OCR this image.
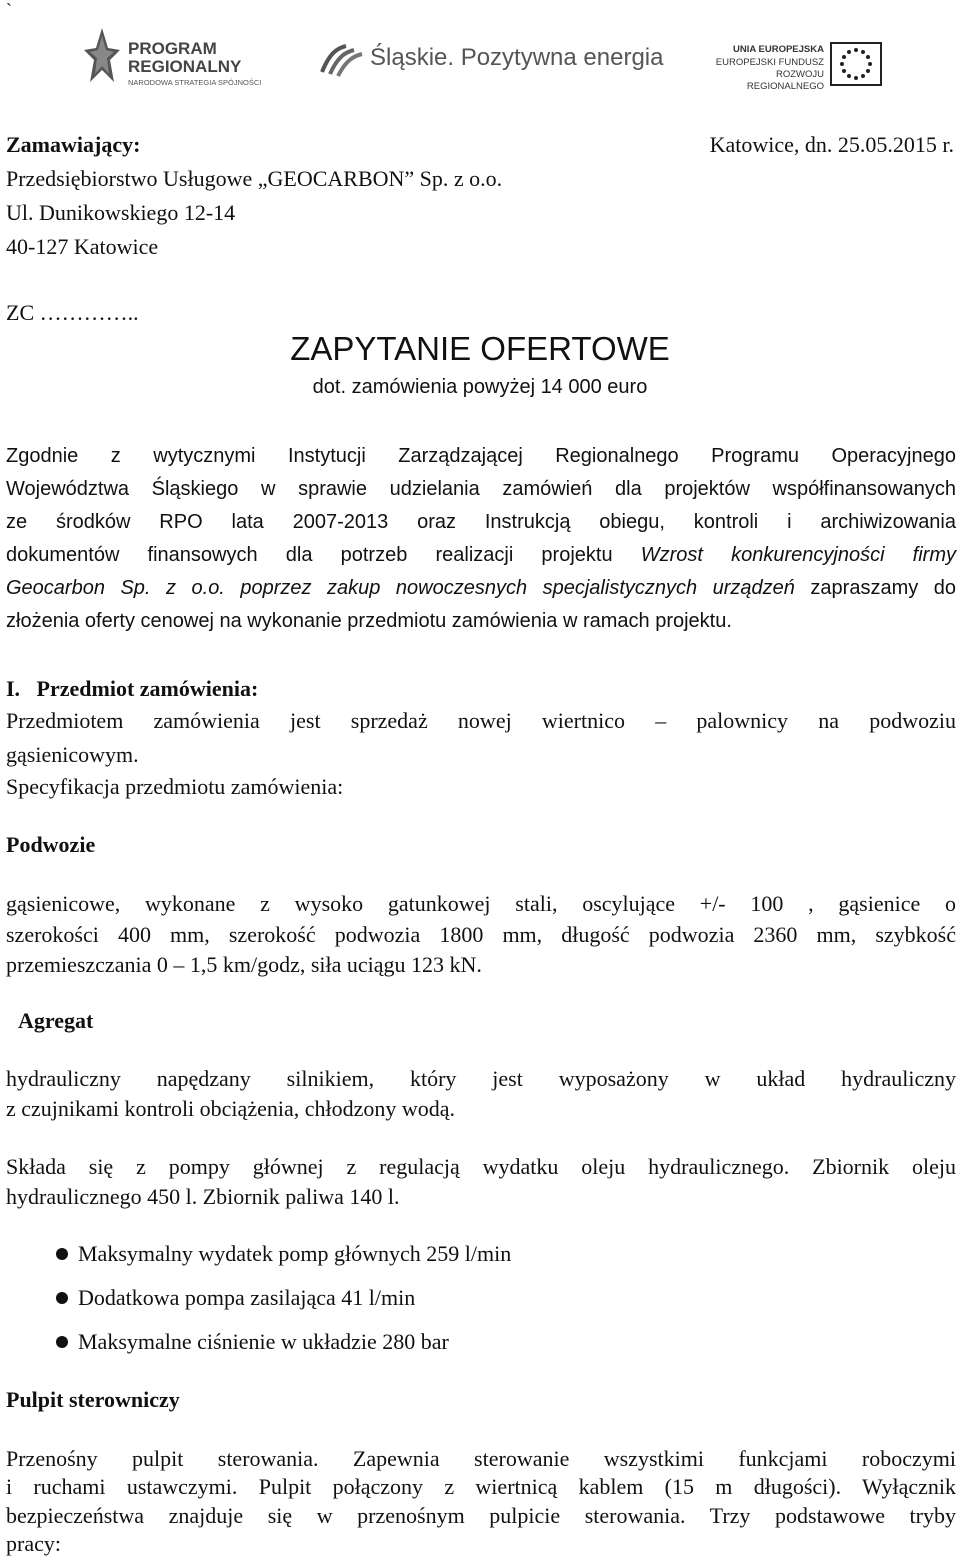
`
PROGRAM
REGIONALNY
NARODOWA STRATEGIA SPÓJNOŚCI
Śląskie. Pozytywna energia	UNIA EUROPEJSKA
EUROPEJSKI FUNDUSZ
ROZWOJU REGIONALNEGO
Zamawiający:	Katowice, dn. 25.05.2015 r.
Przedsiębiorstwo Usługowe „GEOCARBON” Sp. z o.o.
Ul. Dunikowskiego 12-14
40-127 Katowice
ZC …………..
ZAPYTANIE OFERTOWE
dot. zamówienia powyżej 14 000 euro
Zgodnie z wytycznymi Instytucji Zarządzającej Regionalnego Programu Operacyjnego
Województwa Śląskiego w sprawie udzielania zamówień dla projektów współfinansowanych
ze środków RPO lata 2007-2013 oraz Instrukcją obiegu, kontroli i archiwizowania
dokumentów finansowych dla potrzeb realizacji projektu Wzrost konkurencyjności firmy
Geocarbon Sp. z o.o. poprzez zakup nowoczesnych specjalistycznych urządzeń zapraszamy do
złożenia oferty cenowej na wykonanie przedmiotu zamówienia w ramach projektu.
I.   Przedmiot zamówienia:
Przedmiotem zamówienia jest sprzedaż nowej wiertnico – palownicy na podwoziu
gąsienicowym.
Specyfikacja przedmiotu zamówienia:
Podwozie
gąsienicowe, wykonane z wysoko gatunkowej stali, oscylujące +/- 100 , gąsienice o
szerokości 400 mm, szerokość podwozia 1800 mm, długość podwozia 2360 mm, szybkość
przemieszczania 0 – 1,5 km/godz, siła uciągu 123 kN.
Agregat
hydrauliczny napędzany silnikiem, który jest wyposażony w układ hydrauliczny
z czujnikami kontroli obciążenia, chłodzony wodą.
Składa się z pompy głównej z regulacją wydatku oleju hydraulicznego. Zbiornik oleju
hydraulicznego 450 l. Zbiornik paliwa 140 l.
Maksymalny wydatek pomp głównych 259 l/min
Dodatkowa pompa zasilająca 41 l/min
Maksymalne ciśnienie w układzie 280 bar
Pulpit sterowniczy
Przenośny pulpit sterowania. Zapewnia sterowanie wszystkimi funkcjami roboczymi
i ruchami ustawczymi. Pulpit połączony z wiertnicą kablem (15 m długości). Wyłącznik
bezpieczeństwa znajduje się w przenośnym pulpicie sterowania. Trzy podstawowe tryby
pracy:
